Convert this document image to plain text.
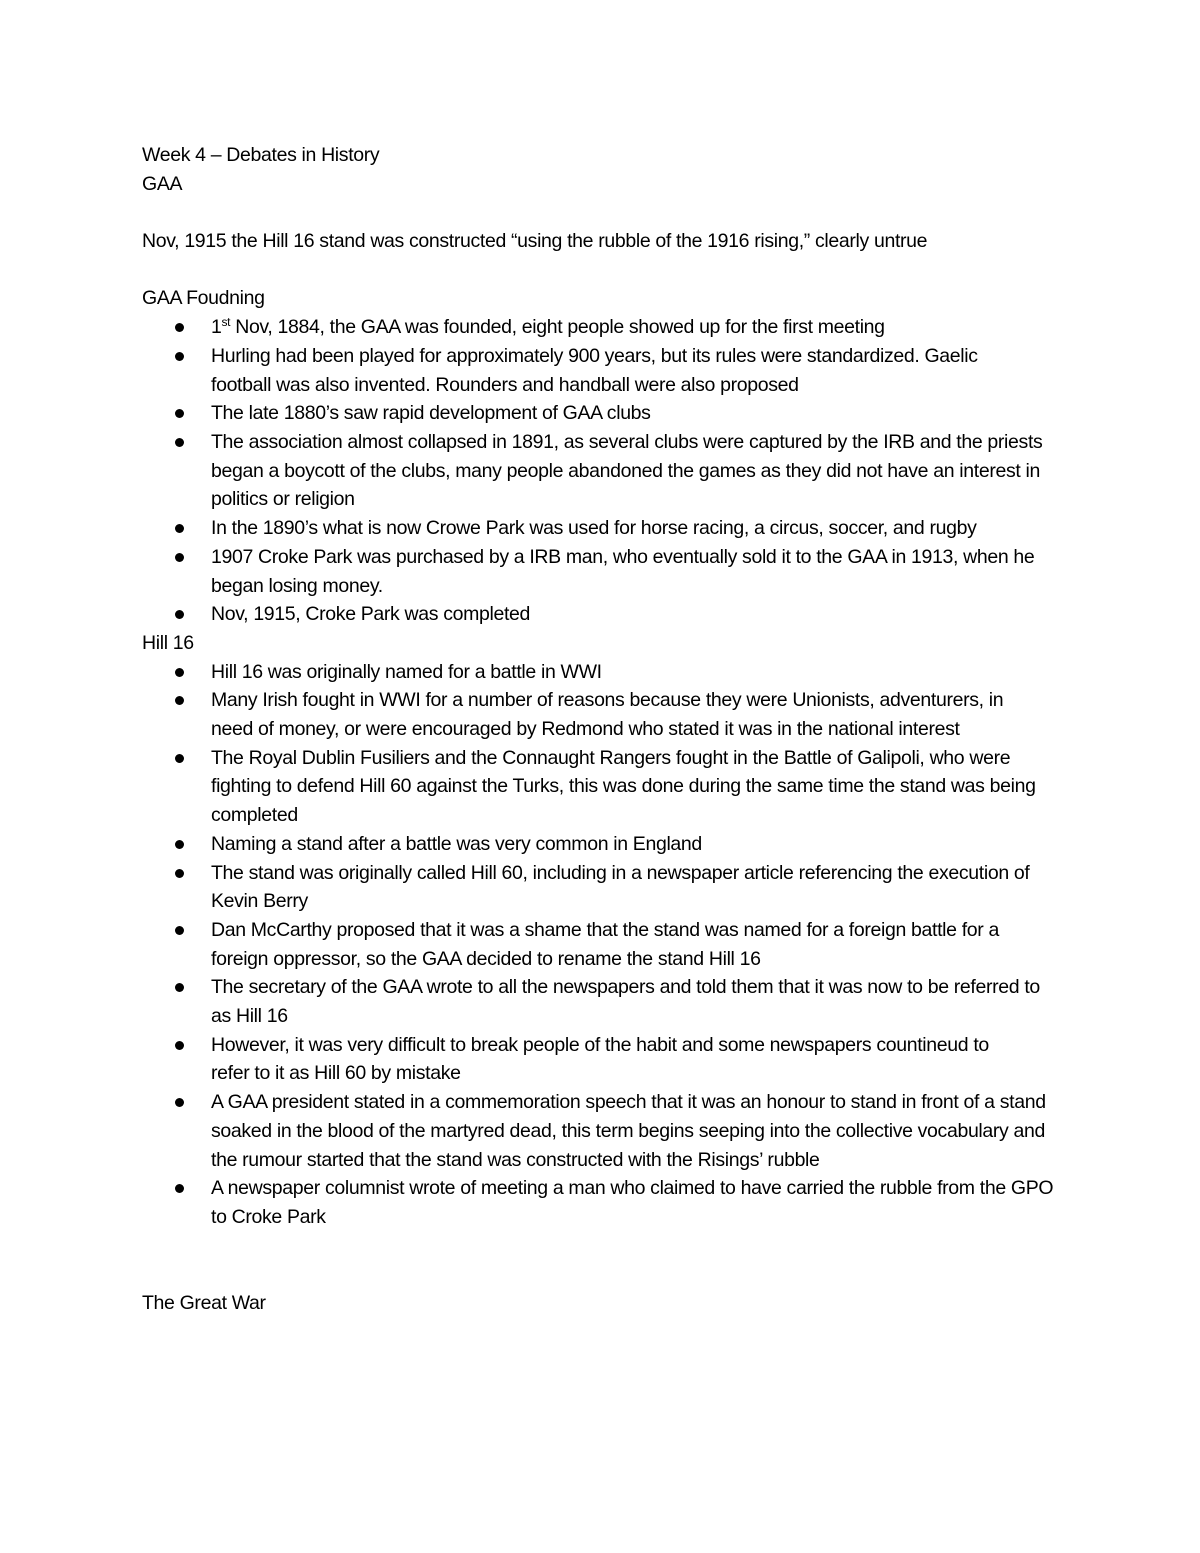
Week 4 – Debates in History

GAA

Nov, 1915 the Hill 16 stand was constructed “using the rubble of the 1916 rising,” clearly untrue

GAA Foudning

1st Nov, 1884, the GAA was founded, eight people showed up for the first meeting
Hurling had been played for approximately 900 years, but its rules were standardized. Gaelic football was also invented. Rounders and handball were also proposed
The late 1880’s saw rapid development of GAA clubs
The association almost collapsed in 1891, as several clubs were captured by the IRB and the priests began a boycott of the clubs, many people abandoned the games as they did not have an interest in politics or religion
In the 1890’s what is now Crowe Park was used for horse racing, a circus, soccer, and rugby
1907 Croke Park was purchased by a IRB man, who eventually sold it to the GAA in 1913, when he began losing money.
Nov, 1915, Croke Park was completed

Hill 16

Hill 16 was originally named for a battle in WWI
Many Irish fought in WWI for a number of reasons because they were Unionists, adventurers, in need of money, or were encouraged by Redmond who stated it was in the national interest
The Royal Dublin Fusiliers and the Connaught Rangers fought in the Battle of Galipoli, who were fighting to defend Hill 60 against the Turks, this was done during the same time the stand was being completed
Naming a stand after a battle was very common in England
The stand was originally called Hill 60, including in a newspaper article referencing the execution of Kevin Berry
Dan McCarthy proposed that it was a shame that the stand was named for a foreign battle for a foreign oppressor, so the GAA decided to rename the stand Hill 16
The secretary of the GAA wrote to all the newspapers and told them that it was now to be referred to as Hill 16
However, it was very difficult to break people of the habit and some newspapers countineud to refer to it as Hill 60 by mistake
A GAA president stated in a commemoration speech that it was an honour to stand in front of a stand soaked in the blood of the martyred dead, this term begins seeping into the collective vocabulary and the rumour started that the stand was constructed with the Risings’ rubble
A newspaper columnist wrote of meeting a man who claimed to have carried the rubble from the GPO to Croke Park

The Great War
